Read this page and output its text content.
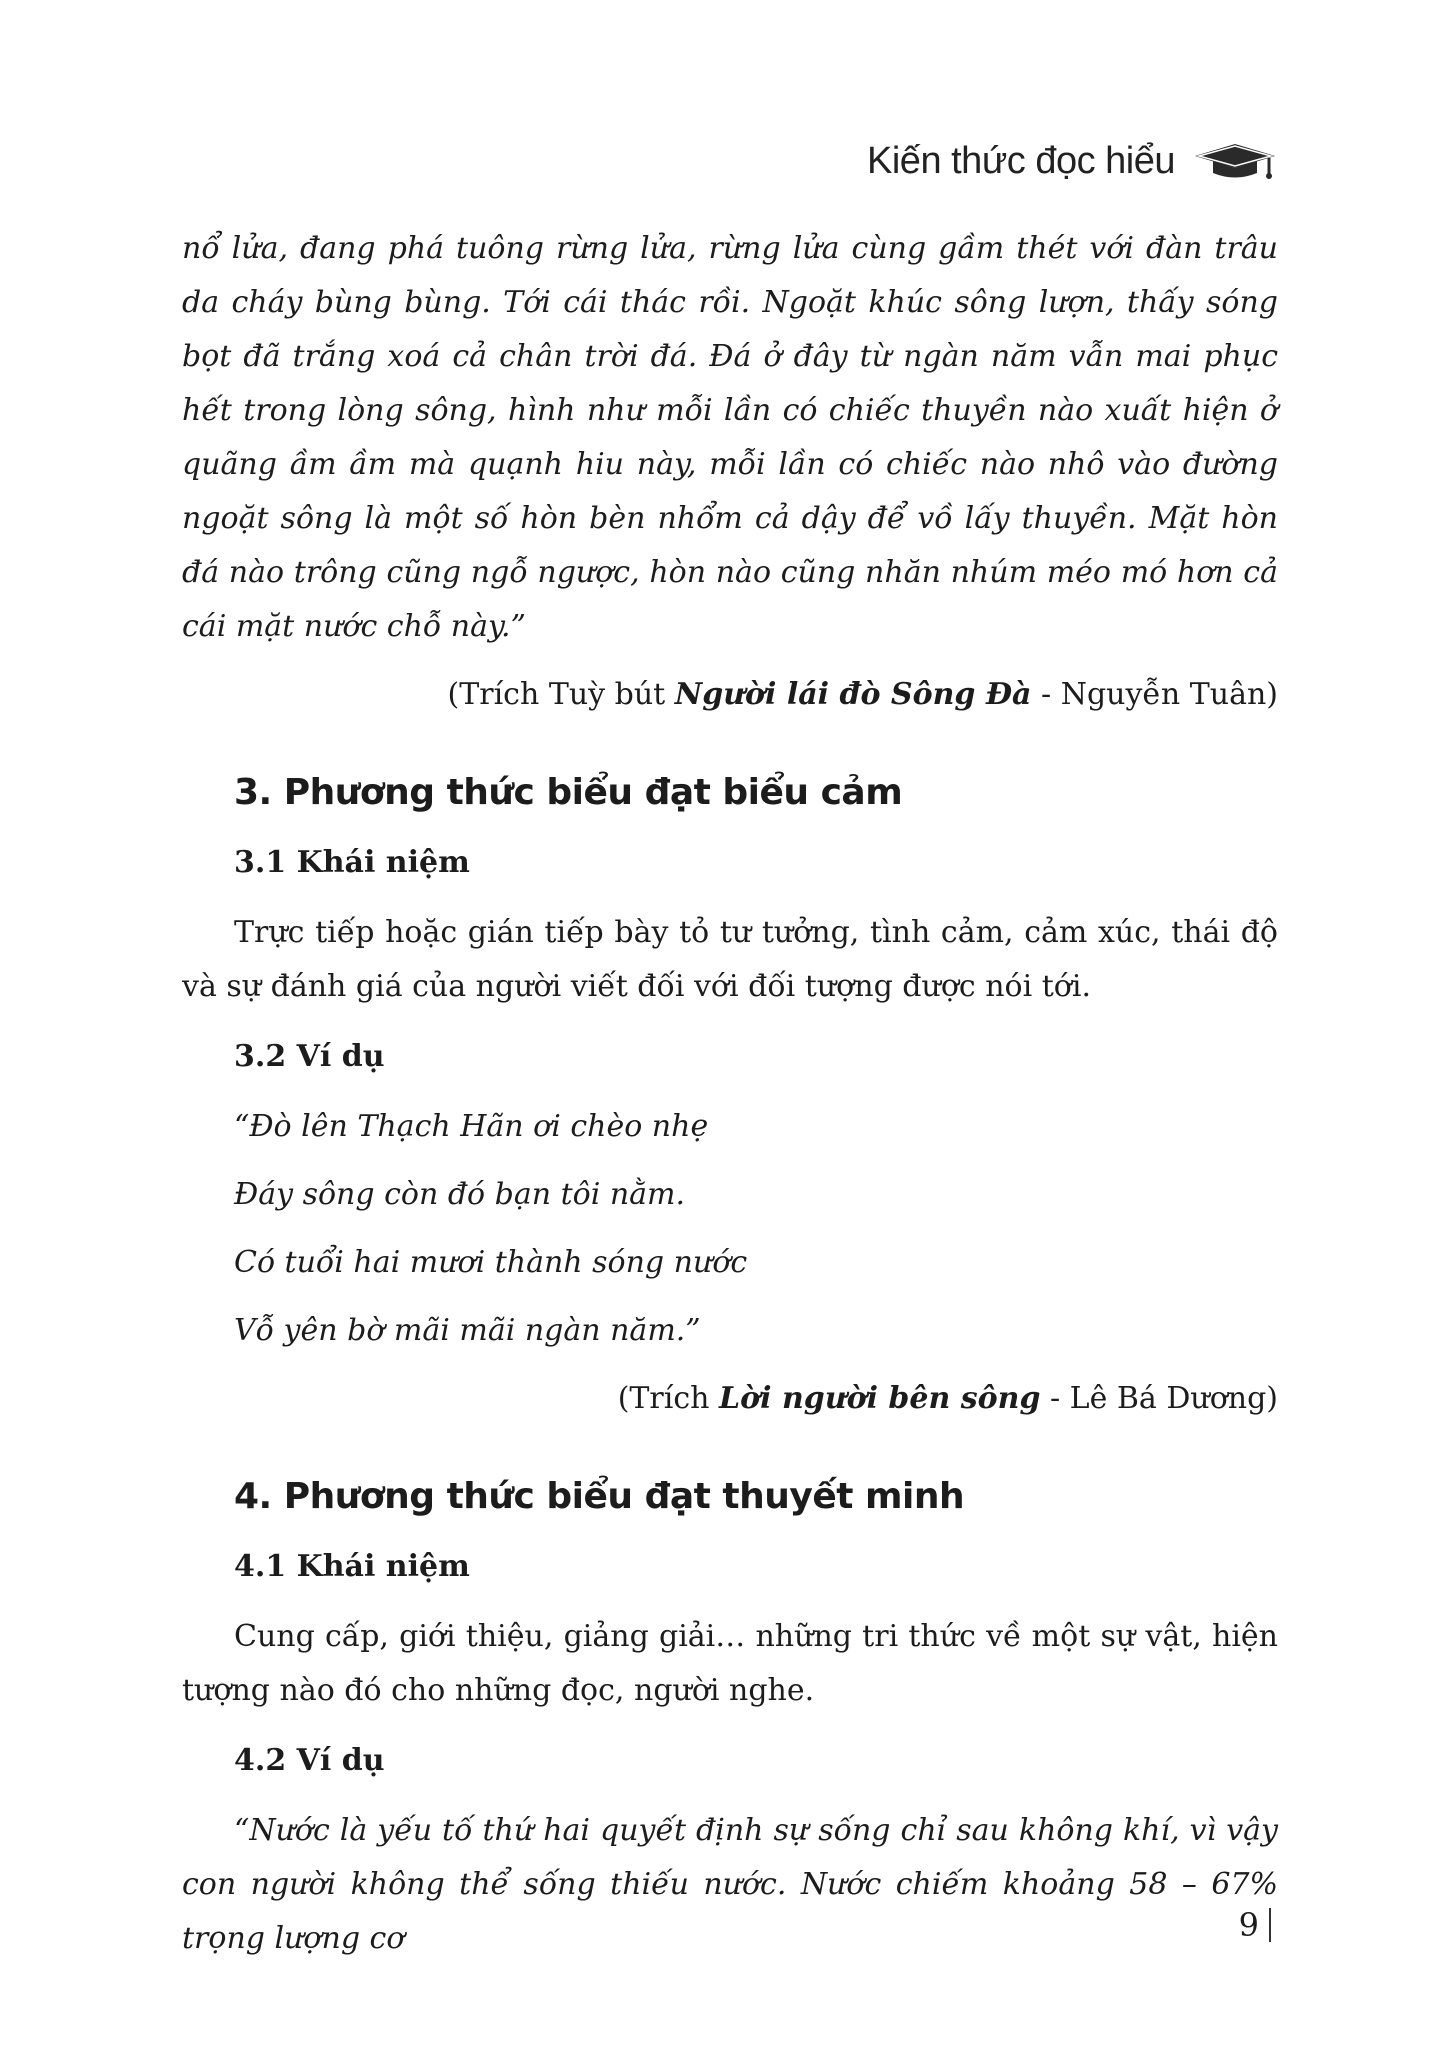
Kiến thức đọc hiểu

nổ lửa, đang phá tuông rừng lửa, rừng lửa cùng gầm thét với đàn trâu da cháy bùng bùng. Tới cái thác rồi. Ngoặt khúc sông lượn, thấy sóng bọt đã trắng xoá cả chân trời đá. Đá ở đây từ ngàn năm vẫn mai phục hết trong lòng sông, hình như mỗi lần có chiếc thuyền nào xuất hiện ở quãng ầm ầm mà quạnh hiu này, mỗi lần có chiếc nào nhô vào đường ngoặt sông là một số hòn bèn nhổm cả dậy để vồ lấy thuyền. Mặt hòn đá nào trông cũng ngỗ ngược, hòn nào cũng nhăn nhúm méo mó hơn cả cái mặt nước chỗ này.”

(Trích Tuỳ bút Người lái đò Sông Đà - Nguyễn Tuân)

3. Phương thức biểu đạt biểu cảm
3.1 Khái niệm

Trực tiếp hoặc gián tiếp bày tỏ tư tưởng, tình cảm, cảm xúc, thái độ và sự đánh giá của người viết đối với đối tượng được nói tới.

3.2 Ví dụ

“Đò lên Thạch Hãn ơi chèo nhẹ

Đáy sông còn đó bạn tôi nằm.

Có tuổi hai mươi thành sóng nước

Vỗ yên bờ mãi mãi ngàn năm.”

(Trích Lời người bên sông - Lê Bá Dương)

4. Phương thức biểu đạt thuyết minh
4.1 Khái niệm

Cung cấp, giới thiệu, giảng giải… những tri thức về một sự vật, hiện tượng nào đó cho những đọc, người nghe.

4.2 Ví dụ

“Nước là yếu tố thứ hai quyết định sự sống chỉ sau không khí, vì vậy con người không thể sống thiếu nước. Nước chiếm khoảng 58 – 67% trọng lượng cơ	9
